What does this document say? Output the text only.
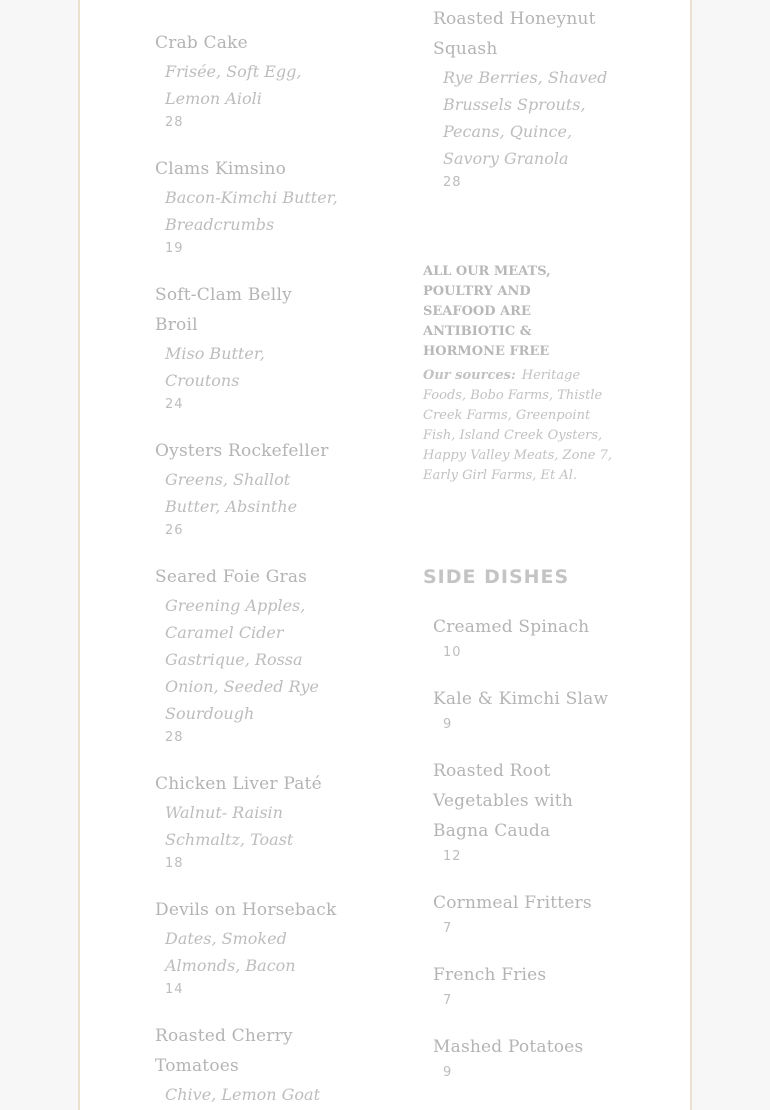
Crab Cake
Frisée, Soft Egg, Lemon Aioli
28
Clams Kimsino
Bacon-Kimchi Butter, Breadcrumbs
19
Soft-Clam Belly Broil
Miso Butter, Croutons
24
Oysters Rockefeller
Greens, Shallot Butter, Absinthe
26
Seared Foie Gras
Greening Apples, Caramel Cider Gastrique, Rossa Onion, Seeded Rye Sourdough
28
Chicken Liver Paté
Walnut- Raisin Schmaltz, Toast
18
Devils on Horseback
Dates, Smoked Almonds, Bacon
14
Roasted Cherry Tomatoes
Chive, Lemon Goat
Roasted Honeynut Squash
Rye Berries, Shaved Brussels Sprouts, Pecans, Quince, Savory Granola
28
ALL OUR MEATS, POULTRY AND SEAFOOD ARE ANTIBIOTIC & HORMONE FREE
Our sources: Heritage Foods, Bobo Farms, Thistle Creek Farms, Greenpoint Fish, Island Creek Oysters, Happy Valley Meats, Zone 7, Early Girl Farms, Et Al.
SIDE DISHES
Creamed Spinach
10
Kale & Kimchi Slaw
9
Roasted Root Vegetables with Bagna Cauda
12
Cornmeal Fritters
7
French Fries
7
Mashed Potatoes
9
